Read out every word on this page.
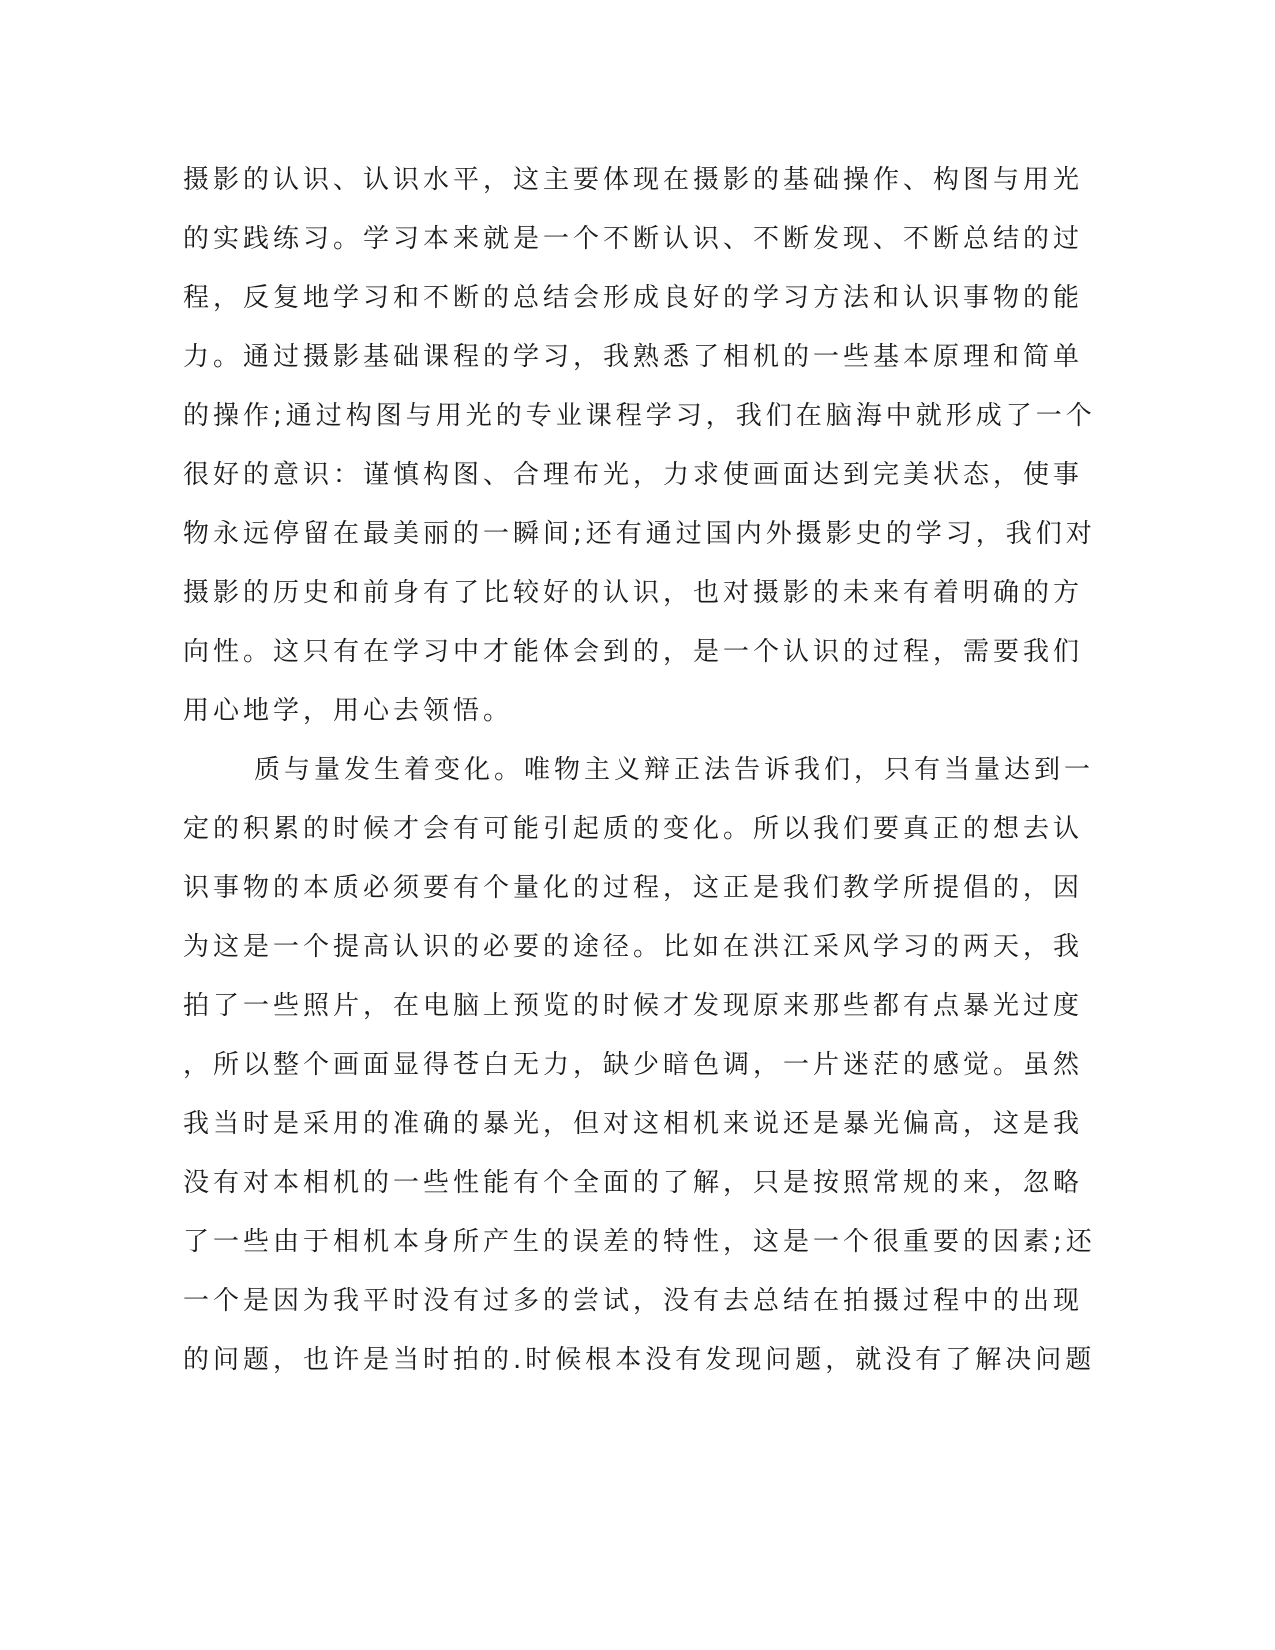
摄影的认识、认识水平，这主要体现在摄影的基础操作、构图与用光
的实践练习。学习本来就是一个不断认识、不断发现、不断总结的过
程，反复地学习和不断的总结会形成良好的学习方法和认识事物的能
力。通过摄影基础课程的学习，我熟悉了相机的一些基本原理和简单
的操作;通过构图与用光的专业课程学习，我们在脑海中就形成了一个
很好的意识：谨慎构图、合理布光，力求使画面达到完美状态，使事
物永远停留在最美丽的一瞬间;还有通过国内外摄影史的学习，我们对
摄影的历史和前身有了比较好的认识，也对摄影的未来有着明确的方
向性。这只有在学习中才能体会到的，是一个认识的过程，需要我们
用心地学，用心去领悟。
质与量发生着变化。唯物主义辩正法告诉我们，只有当量达到一
定的积累的时候才会有可能引起质的变化。所以我们要真正的想去认
识事物的本质必须要有个量化的过程，这正是我们教学所提倡的，因
为这是一个提高认识的必要的途径。比如在洪江采风学习的两天，我
拍了一些照片，在电脑上预览的时候才发现原来那些都有点暴光过度
，所以整个画面显得苍白无力，缺少暗色调，一片迷茫的感觉。虽然
我当时是采用的准确的暴光，但对这相机来说还是暴光偏高，这是我
没有对本相机的一些性能有个全面的了解，只是按照常规的来，忽略
了一些由于相机本身所产生的误差的特性，这是一个很重要的因素;还
一个是因为我平时没有过多的尝试，没有去总结在拍摄过程中的出现
的问题，也许是当时拍的.时候根本没有发现问题，就没有了解决问题
